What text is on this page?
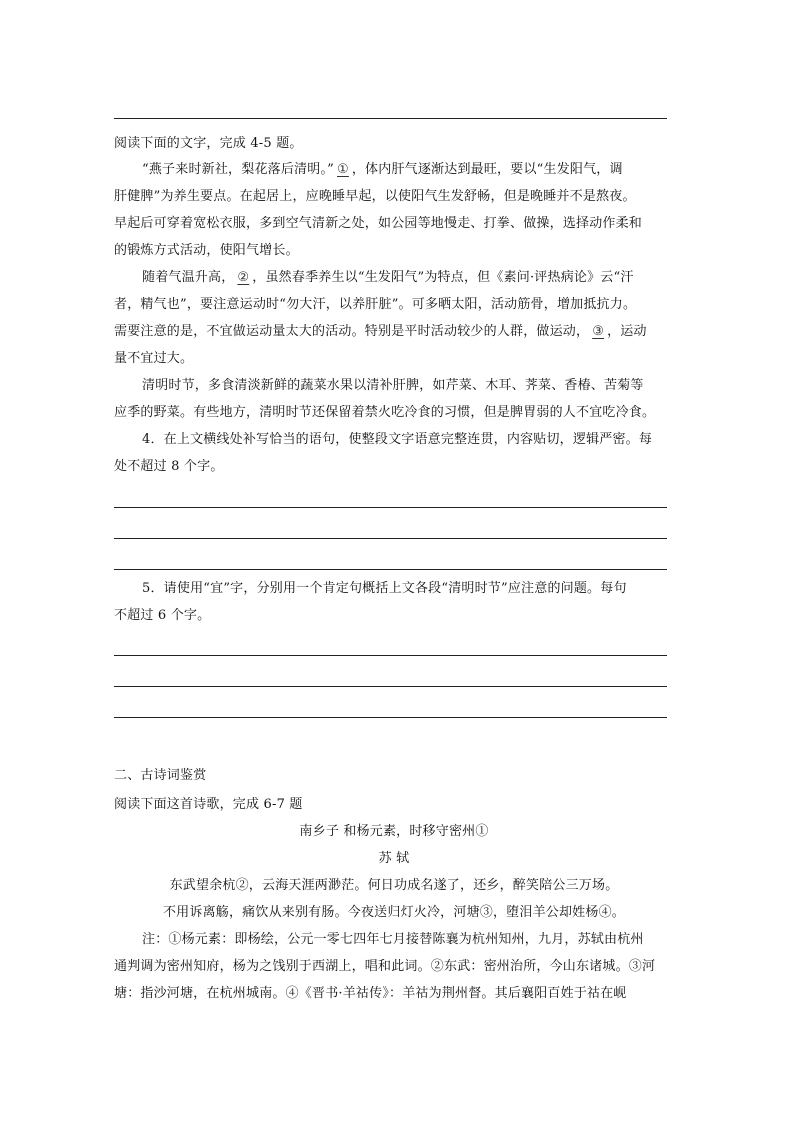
阅读下面的文字，完成 4-5 题。
“燕子来时新社，梨花落后清明。” ① ，体内肝气逐渐达到最旺，要以“生发阳气，调
肝健脾”为养生要点。在起居上，应晚睡早起，以使阳气生发舒畅，但是晚睡并不是熬夜。
早起后可穿着宽松衣服，多到空气清新之处，如公园等地慢走、打拳、做操，选择动作柔和
的锻炼方式活动，使阳气增长。
随着气温升高， ② ，虽然春季养生以“生发阳气”为特点，但《素问·评热病论》云“汗
者，精气也”，要注意运动时“勿大汗，以养肝脏”。可多晒太阳，活动筋骨，增加抵抗力。
需要注意的是，不宜做运动量太大的活动。特别是平时活动较少的人群，做运动， ③ ，运动
量不宜过大。
清明时节，多食清淡新鲜的蔬菜水果以清补肝脾，如芹菜、木耳、荠菜、香椿、苦菊等
应季的野菜。有些地方，清明时节还保留着禁火吃冷食的习惯，但是脾胃弱的人不宜吃冷食。
4．在上文横线处补写恰当的语句，使整段文字语意完整连贯，内容贴切，逻辑严密。每
处不超过 8 个字。
5．请使用“宜”字，分别用一个肯定句概括上文各段“清明时节”应注意的问题。每句
不超过 6 个字。
二、古诗词鉴赏
阅读下面这首诗歌，完成 6-7 题
南乡子 和杨元素，时移守密州①
苏 轼
东武望余杭②，云海天涯两渺茫。何日功成名遂了，还乡，醉笑陪公三万场。
不用诉离觞，痛饮从来别有肠。今夜送归灯火冷，河塘③，堕泪羊公却姓杨④。
注：①杨元素：即杨绘，公元一零七四年七月接替陈襄为杭州知州，九月，苏轼由杭州
通判调为密州知府，杨为之饯别于西湖上，唱和此词。②东武：密州治所，今山东诸城。③河
塘：指沙河塘，在杭州城南。④《晋书·羊祜传》：羊祜为荆州督。其后襄阳百姓于祜在岘
